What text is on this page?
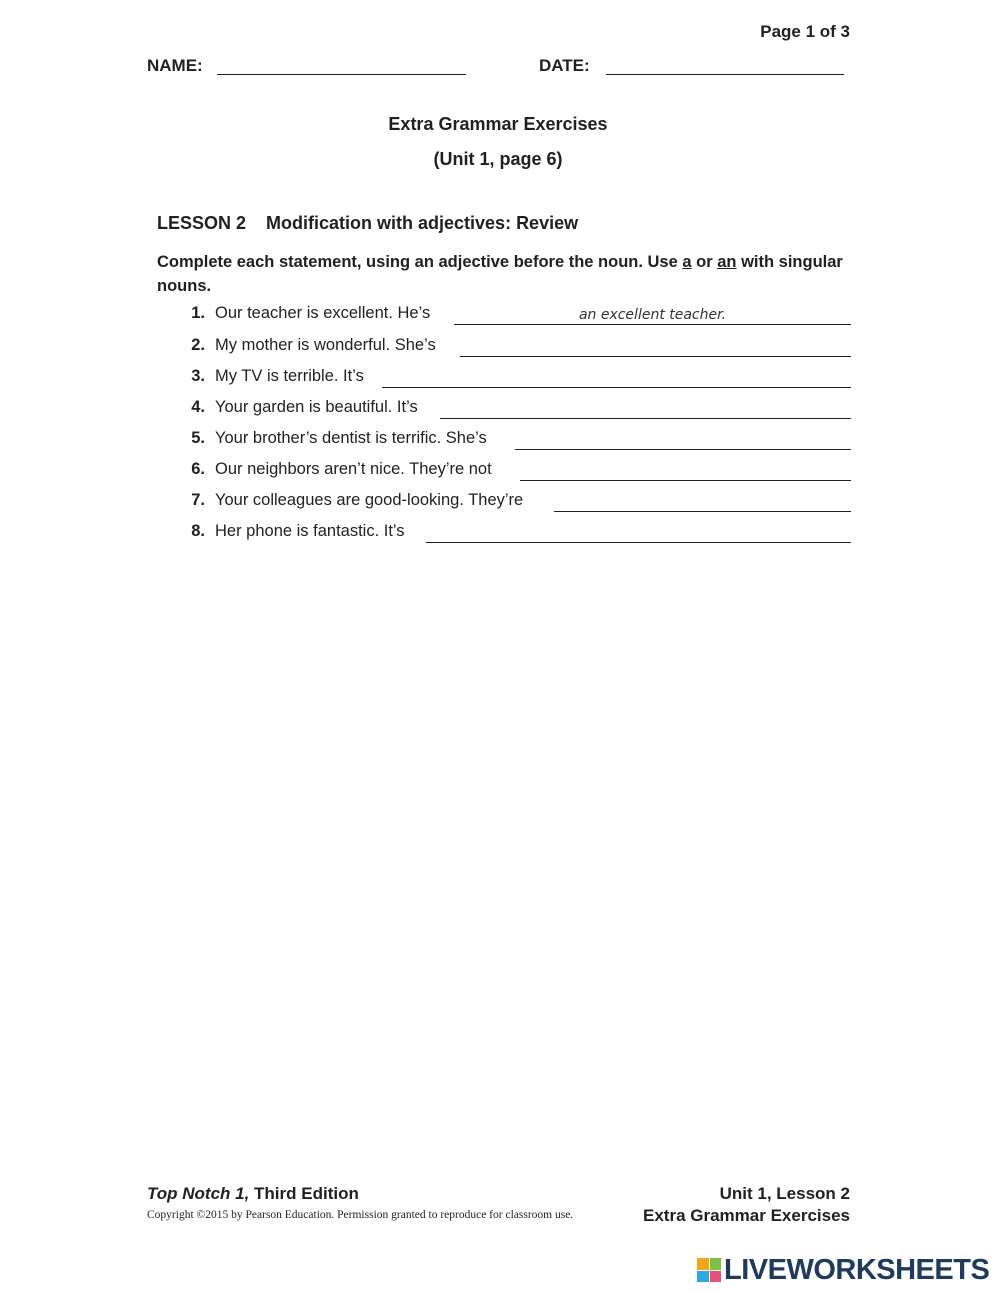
Page 1 of 3
NAME:	DATE:
Extra Grammar Exercises
(Unit 1, page 6)
LESSON 2 Modification with adjectives: Review
Complete each statement, using an adjective before the noun. Use a or an with singular nouns.
1. Our teacher is excellent. He’s	an excellent teacher.
2. My mother is wonderful. She’s
3. My TV is terrible. It’s
4. Your garden is beautiful. It’s
5. Your brother’s dentist is terrific. She’s
6. Our neighbors aren’t nice. They’re not
7. Your colleagues are good-looking. They’re
8. Her phone is fantastic. It’s
Top Notch 1, Third Edition
Copyright ©2015 by Pearson Education. Permission granted to reproduce for classroom use.
Unit 1, Lesson 2
Extra Grammar Exercises
LIVEWORKSHEETS
